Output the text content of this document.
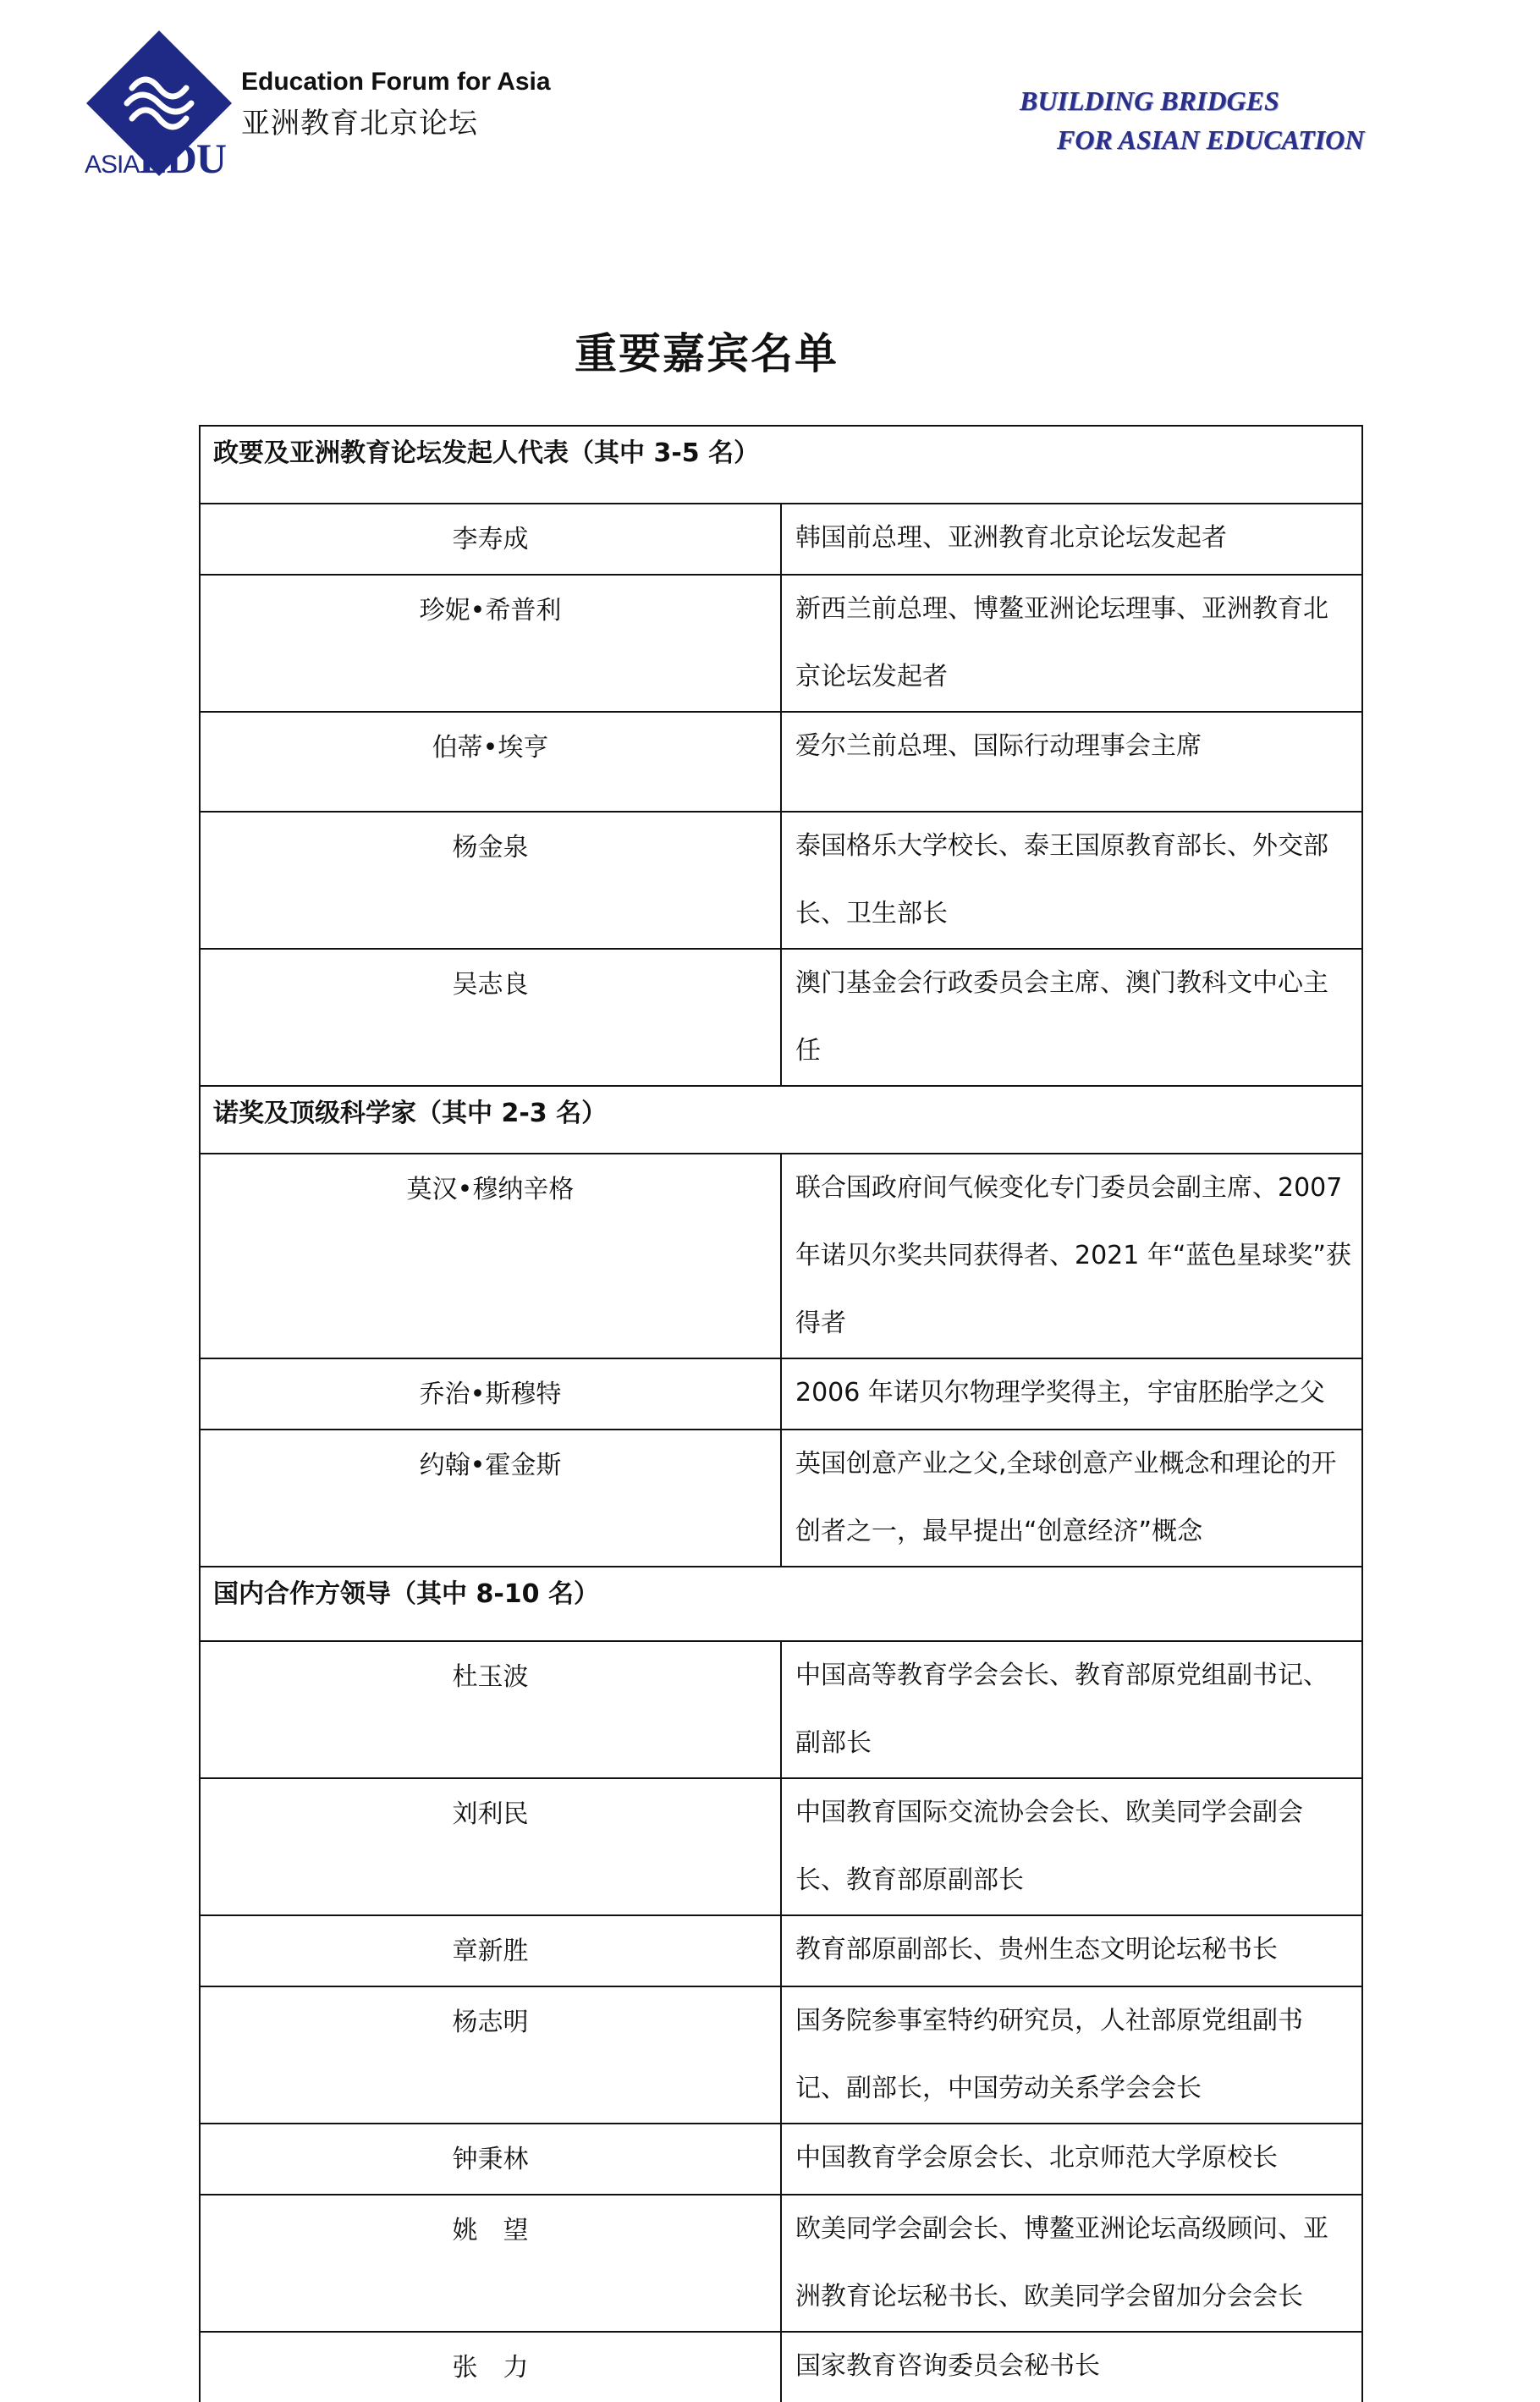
ASIAEDU
Education Forum for Asia
亚洲教育北京论坛
BUILDING BRIDGES
FOR ASIAN EDUCATION
重要嘉宾名单
政要及亚洲教育论坛发起人代表（其中 3-5 名）	
李寿成	韩国前总理、亚洲教育北京论坛发起者
珍妮•希普利	新西兰前总理、博鳌亚洲论坛理事、亚洲教育北京论坛发起者
伯蒂•埃亨	爱尔兰前总理、国际行动理事会主席
杨金泉	泰国格乐大学校长、泰王国原教育部长、外交部长、卫生部长
吴志良	澳门基金会行政委员会主席、澳门教科文中心主任
诺奖及顶级科学家（其中 2-3 名）	
莫汉•穆纳辛格	联合国政府间气候变化专门委员会副主席、2007 年诺贝尔奖共同获得者、2021 年“蓝色星球奖”获得者
乔治•斯穆特	2006 年诺贝尔物理学奖得主，宇宙胚胎学之父
约翰•霍金斯	英国创意产业之父,全球创意产业概念和理论的开创者之一，最早提出“创意经济”概念
国内合作方领导（其中 8-10 名）	
杜玉波	中国高等教育学会会长、教育部原党组副书记、副部长
刘利民	中国教育国际交流协会会长、欧美同学会副会长、教育部原副部长
章新胜	教育部原副部长、贵州生态文明论坛秘书长
杨志明	国务院参事室特约研究员，人社部原党组副书记、副部长，中国劳动关系学会会长
钟秉林	中国教育学会原会长、北京师范大学原校长
姚　望	欧美同学会副会长、博鳌亚洲论坛高级顾问、亚洲教育论坛秘书长、欧美同学会留加分会会长
张　力	国家教育咨询委员会秘书长
